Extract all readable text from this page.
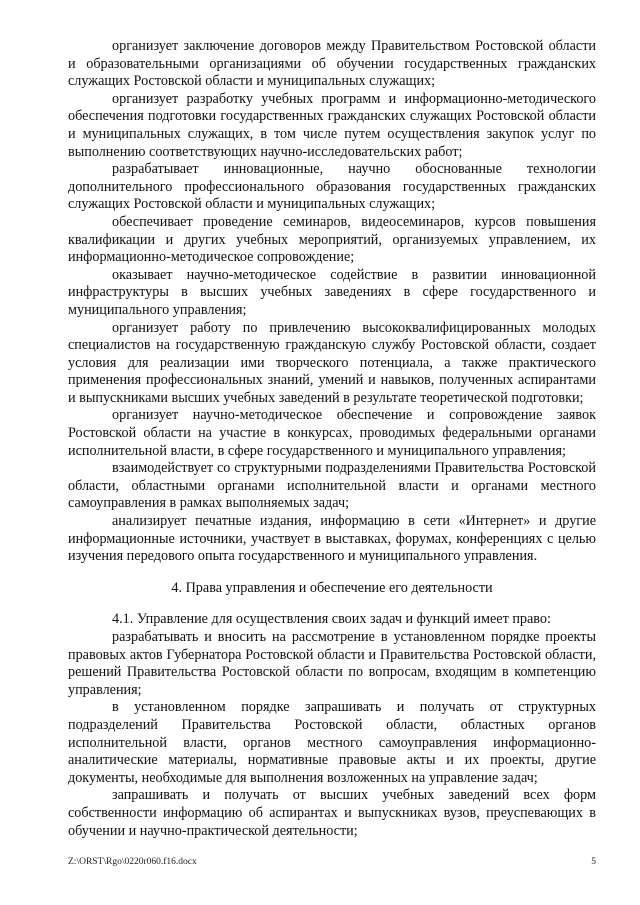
организует заключение договоров между Правительством Ростовской области и образовательными организациями об обучении государственных гражданских служащих Ростовской области и муниципальных служащих;

организует разработку учебных программ и информационно-методического обеспечения подготовки государственных гражданских служащих Ростовской области и муниципальных служащих, в том числе путем осуществления закупок услуг по выполнению соответствующих научно-исследовательских работ;

разрабатывает инновационные, научно обоснованные технологии дополнительного профессионального образования государственных гражданских служащих Ростовской области и муниципальных служащих;

обеспечивает проведение семинаров, видеосеминаров, курсов повышения квалификации и других учебных мероприятий, организуемых управлением, их информационно-методическое сопровождение;

оказывает научно-методическое содействие в развитии инновационной инфраструктуры в высших учебных заведениях в сфере государственного и муниципального управления;

организует работу по привлечению высококвалифицированных молодых специалистов на государственную гражданскую службу Ростовской области, создает условия для реализации ими творческого потенциала, а также практического применения профессиональных знаний, умений и навыков, полученных аспирантами и выпускниками высших учебных заведений в результате теоретической подготовки;

организует научно-методическое обеспечение и сопровождение заявок Ростовской области на участие в конкурсах, проводимых федеральными органами исполнительной власти, в сфере государственного и муниципального управления;

взаимодействует со структурными подразделениями Правительства Ростовской области, областными органами исполнительной власти и органами местного самоуправления в рамках выполняемых задач;

анализирует печатные издания, информацию в сети «Интернет» и другие информационные источники, участвует в выставках, форумах, конференциях с целью изучения передового опыта государственного и муниципального управления.

4. Права управления и обеспечение его деятельности

4.1. Управление для осуществления своих задач и функций имеет право:

разрабатывать и вносить на рассмотрение в установленном порядке проекты правовых актов Губернатора Ростовской области и Правительства Ростовской области, решений Правительства Ростовской области по вопросам, входящим в компетенцию управления;

в установленном порядке запрашивать и получать от структурных подразделений Правительства Ростовской области, областных органов исполнительной власти, органов местного самоуправления информационно-аналитические материалы, нормативные правовые акты и их проекты, другие документы, необходимые для выполнения возложенных на управление задач;

запрашивать и получать от высших учебных заведений всех форм собственности информацию об аспирантах и выпускниках вузов, преуспевающих в обучении и научно-практической деятельности;

Z:\ORST\Rgo\0220r060.f16.docx	5
